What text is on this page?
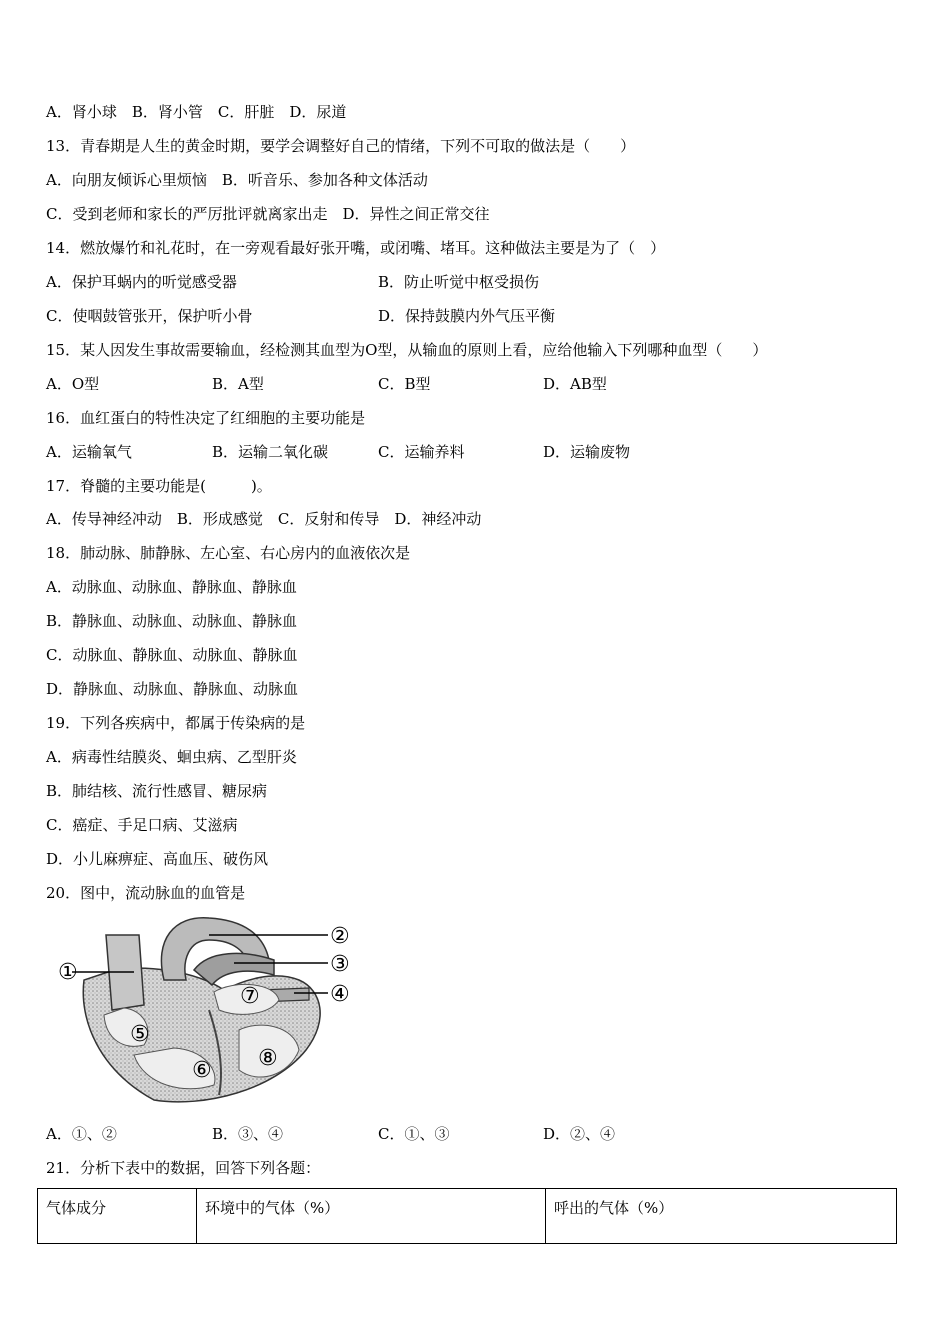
A．肾小球　B．肾小管　C．肝脏　D．尿道
13．青春期是人生的黄金时期，要学会调整好自己的情绪，下列不可取的做法是（　　）
A．向朋友倾诉心里烦恼　B．听音乐、参加各种文体活动
C．受到老师和家长的严厉批评就离家出走　D．异性之间正常交往
14．燃放爆竹和礼花时，在一旁观看最好张开嘴，或闭嘴、堵耳。这种做法主要是为了（　）
A．保护耳蜗内的听觉感受器	B．防止听觉中枢受损伤
C．使咽鼓管张开，保护听小骨	D．保持鼓膜内外气压平衡
15．某人因发生事故需要输血，经检测其血型为O型，从输血的原则上看，应给他输入下列哪种血型（　　）
A．O型	B．A型	C．B型	D．AB型
16．血红蛋白的特性决定了红细胞的主要功能是
A．运输氧气	B．运输二氧化碳	C．运输养料	D．运输废物
17．脊髓的主要功能是(　　　)。
A．传导神经冲动　B．形成感觉　C．反射和传导　D．神经冲动
18．肺动脉、肺静脉、左心室、右心房内的血液依次是
A．动脉血、动脉血、静脉血、静脉血
B．静脉血、动脉血、动脉血、静脉血
C．动脉血、静脉血、动脉血、静脉血
D．静脉血、动脉血、静脉血、动脉血
19．下列各疾病中，都属于传染病的是
A．病毒性结膜炎、蛔虫病、乙型肝炎
B．肺结核、流行性感冒、糖尿病
C．癌症、手足口病、艾滋病
D．小儿麻痹症、高血压、破伤风
20．图中，流动脉血的血管是
①
②
③
④
⑤
⑥
⑦
⑧
A．①、②	B．③、④	C．①、③	D．②、④
21．分析下表中的数据，回答下列各题：
气体成分	环境中的气体（%）	呼出的气体（%）
